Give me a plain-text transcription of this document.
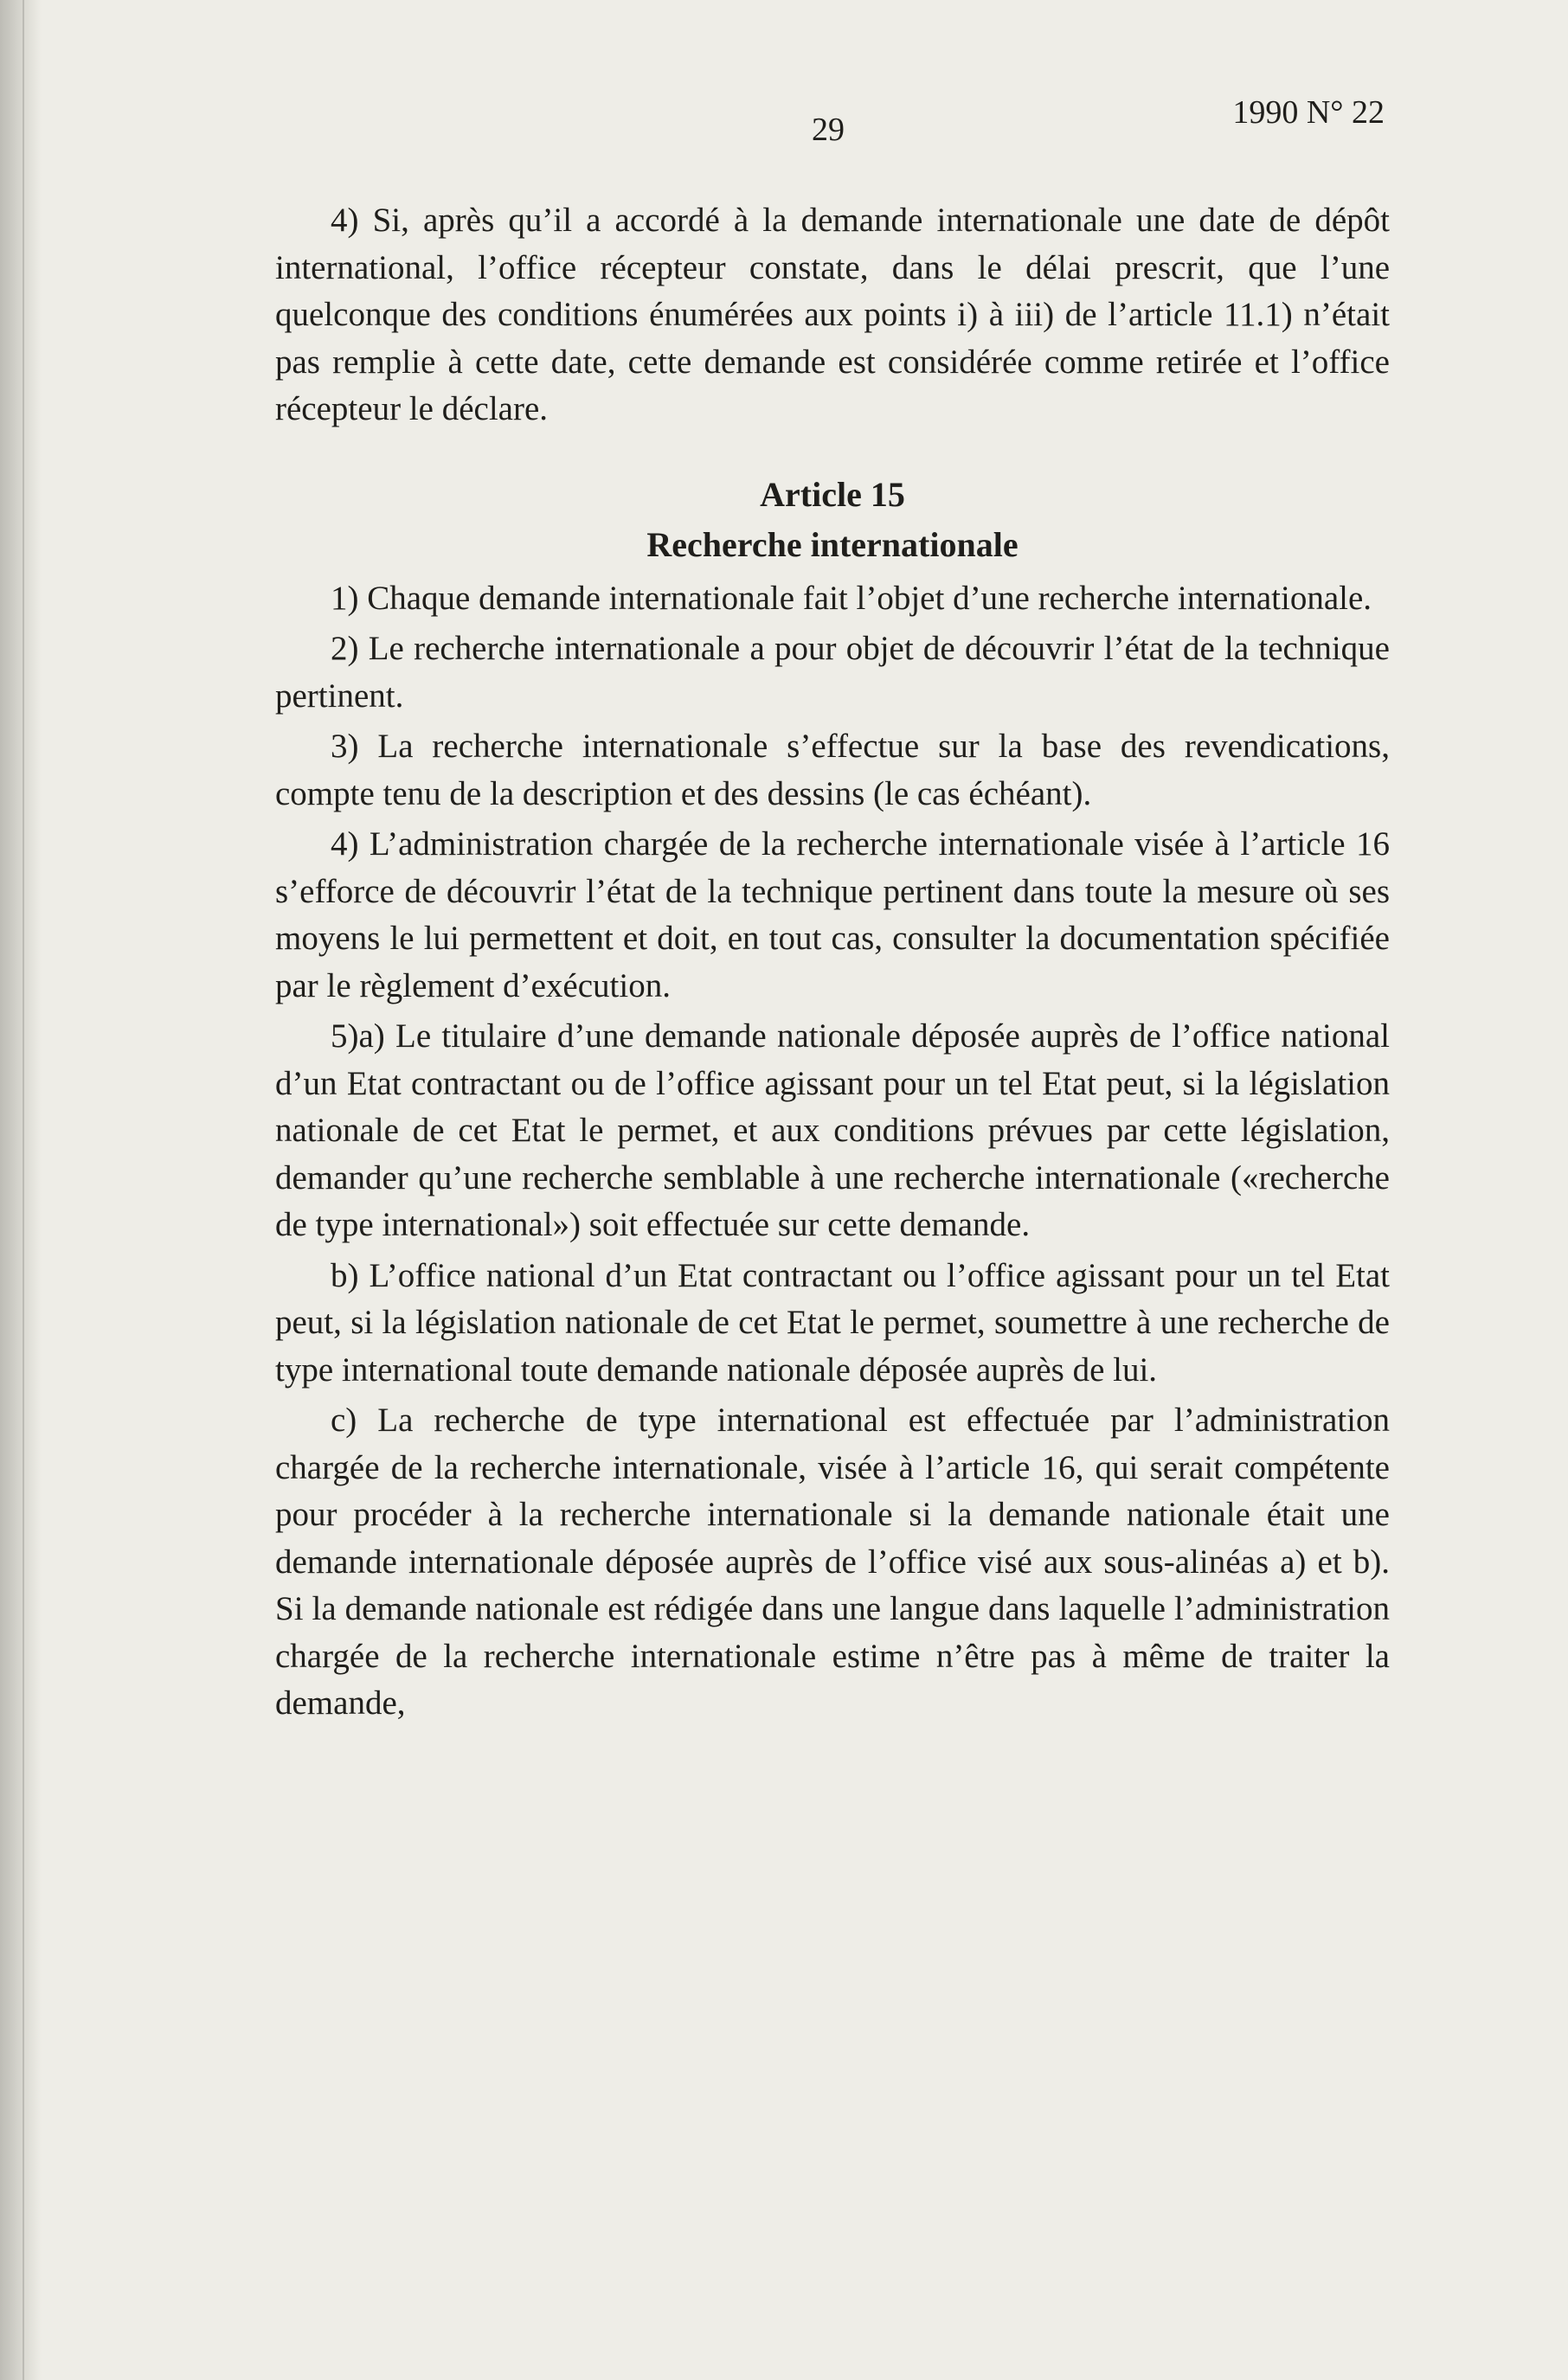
29	1990 N° 22

4) Si, après qu’il a accordé à la demande internationale une date de dépôt international, l’office récepteur constate, dans le délai prescrit, que l’une quelconque des conditions énumérées aux points i) à iii) de l’article 11.1) n’était pas remplie à cette date, cette demande est considérée comme retirée et l’office récepteur le déclare.

Article 15
Recherche internationale

1) Chaque demande internationale fait l’objet d’une recherche internationale.

2) Le recherche internationale a pour objet de découvrir l’état de la technique pertinent.

3) La recherche internationale s’effectue sur la base des revendications, compte tenu de la description et des dessins (le cas échéant).

4) L’administration chargée de la recherche internationale visée à l’article 16 s’efforce de découvrir l’état de la technique pertinent dans toute la mesure où ses moyens le lui permettent et doit, en tout cas, consulter la documentation spécifiée par le règlement d’exécution.

5)a) Le titulaire d’une demande nationale déposée auprès de l’office national d’un Etat contractant ou de l’office agissant pour un tel Etat peut, si la législation nationale de cet Etat le permet, et aux conditions prévues par cette législation, demander qu’une recherche semblable à une recherche internationale («recherche de type international») soit effectuée sur cette demande.

b) L’office national d’un Etat contractant ou l’office agissant pour un tel Etat peut, si la législation nationale de cet Etat le permet, soumettre à une recherche de type international toute demande nationale déposée auprès de lui.

c) La recherche de type international est effectuée par l’administration chargée de la recherche internationale, visée à l’article 16, qui serait compétente pour procéder à la recherche internationale si la demande nationale était une demande internationale déposée auprès de l’office visé aux sous-alinéas a) et b). Si la demande nationale est rédigée dans une langue dans laquelle l’administration chargée de la recherche internationale estime n’être pas à même de traiter la demande,
